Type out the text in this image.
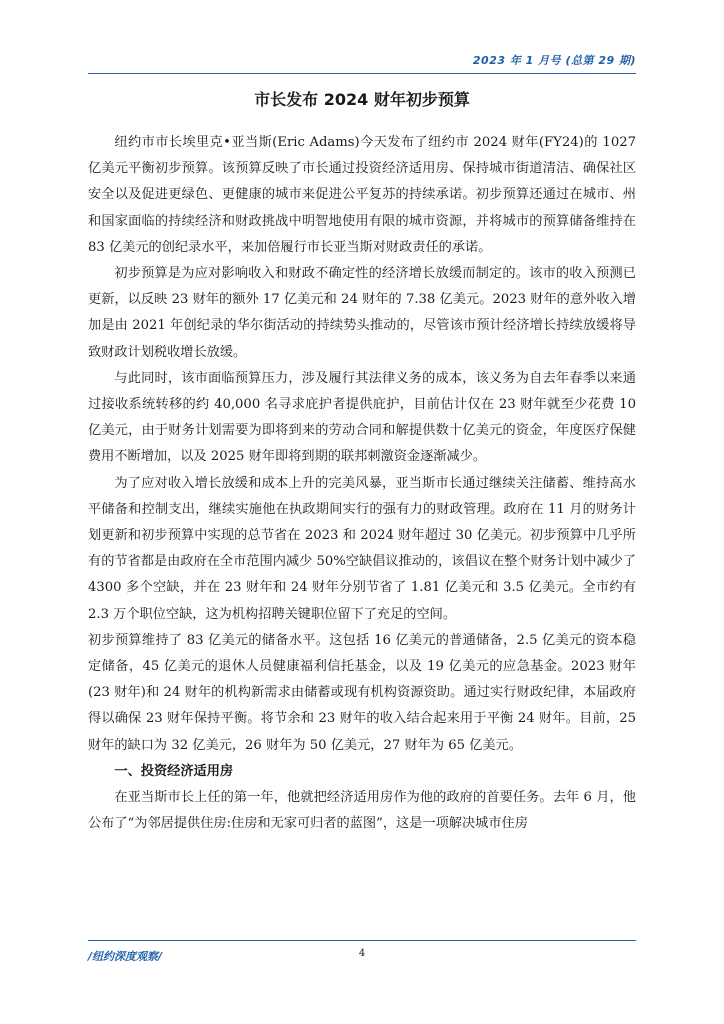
2023 年 1 月号 (总第 29 期)

市长发布 2024 财年初步预算

纽约市市长埃里克•亚当斯(Eric Adams)今天发布了纽约市 2024 财年(FY24)的 1027 亿美元平衡初步预算。该预算反映了市长通过投资经济适用房、保持城市街道清洁、确保社区安全以及促进更绿色、更健康的城市来促进公平复苏的持续承诺。初步预算还通过在城市、州和国家面临的持续经济和财政挑战中明智地使用有限的城市资源，并将城市的预算储备维持在 83 亿美元的创纪录水平，来加倍履行市长亚当斯对财政责任的承诺。

初步预算是为应对影响收入和财政不确定性的经济增长放缓而制定的。该市的收入预测已更新，以反映 23 财年的额外 17 亿美元和 24 财年的 7.38 亿美元。2023 财年的意外收入增加是由 2021 年创纪录的华尔街活动的持续势头推动的，尽管该市预计经济增长持续放缓将导致财政计划税收增长放缓。

与此同时，该市面临预算压力，涉及履行其法律义务的成本，该义务为自去年春季以来通过接收系统转移的约 40,000 名寻求庇护者提供庇护，目前估计仅在 23 财年就至少花费 10 亿美元，由于财务计划需要为即将到来的劳动合同和解提供数十亿美元的资金，年度医疗保健费用不断增加，以及 2025 财年即将到期的联邦刺激资金逐渐减少。

为了应对收入增长放缓和成本上升的完美风暴，亚当斯市长通过继续关注储蓄、维持高水平储备和控制支出，继续实施他在执政期间实行的强有力的财政管理。政府在 11 月的财务计划更新和初步预算中实现的总节省在 2023 和 2024 财年超过 30 亿美元。初步预算中几乎所有的节省都是由政府在全市范围内减少 50%空缺倡议推动的，该倡议在整个财务计划中减少了 4300 多个空缺，并在 23 财年和 24 财年分别节省了 1.81 亿美元和 3.5 亿美元。全市约有 2.3 万个职位空缺，这为机构招聘关键职位留下了充足的空间。

初步预算维持了 83 亿美元的储备水平。这包括 16 亿美元的普通储备，2.5 亿美元的资本稳定储备，45 亿美元的退休人员健康福利信托基金，以及 19 亿美元的应急基金。2023 财年(23 财年)和 24 财年的机构新需求由储蓄或现有机构资源资助。通过实行财政纪律，本届政府得以确保 23 财年保持平衡。将节余和 23 财年的收入结合起来用于平衡 24 财年。目前，25 财年的缺口为 32 亿美元，26 财年为 50 亿美元，27 财年为 65 亿美元。

一、投资经济适用房

在亚当斯市长上任的第一年，他就把经济适用房作为他的政府的首要任务。去年 6 月，他公布了“为邻居提供住房:住房和无家可归者的蓝图”，这是一项解决城市住房

/纽约深度观察/	4
